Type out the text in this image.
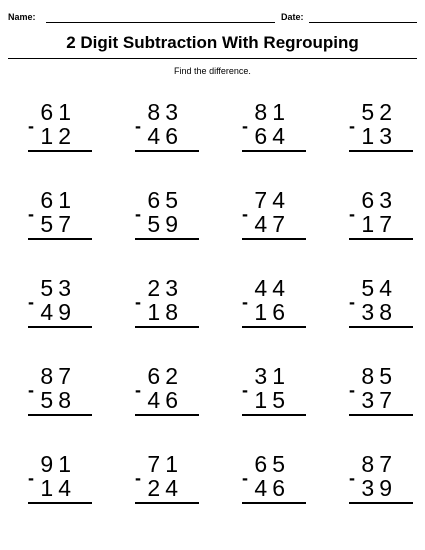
Name:	Date:
2 Digit Subtraction With Regrouping
Find the difference.
61
- 12
83
- 46
81
- 64
52
- 13
61
- 57
65
- 59
74
- 47
63
- 17
53
- 49
23
- 18
44
- 16
54
- 38
87
- 58
62
- 46
31
- 15
85
- 37
91
- 14
71
- 24
65
- 46
87
- 39
